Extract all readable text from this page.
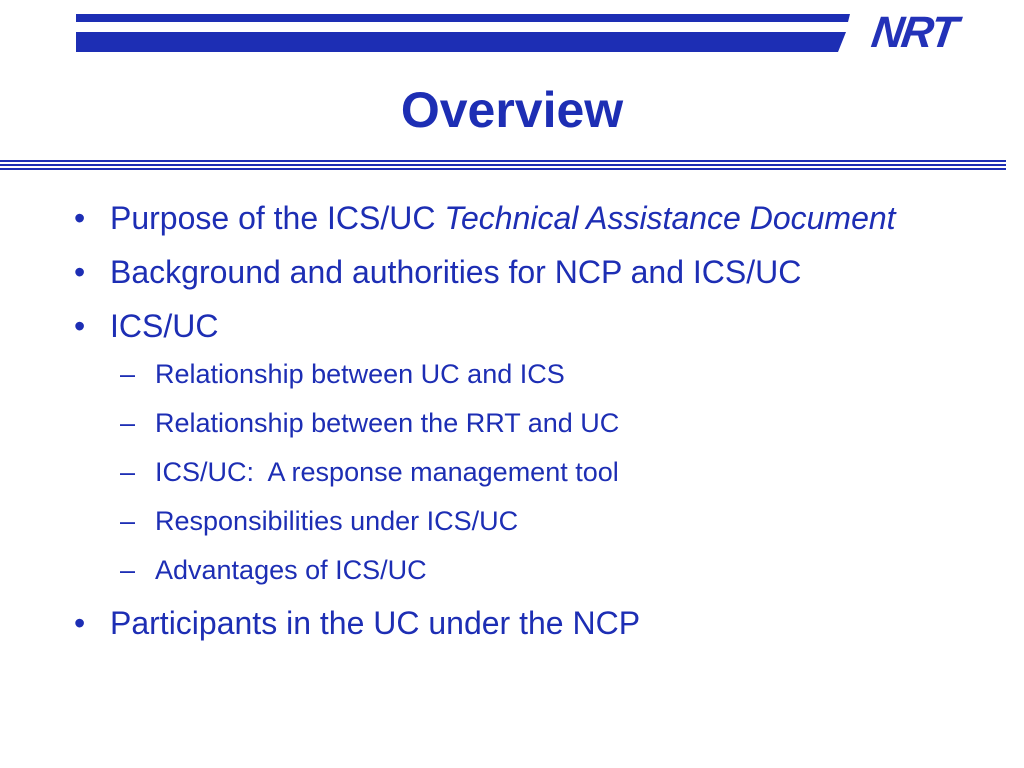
NRT
Overview
• Purpose of the ICS/UC Technical Assistance Document
• Background and authorities for NCP and ICS/UC
• ICS/UC
– Relationship between UC and ICS
– Relationship between the RRT and UC
– ICS/UC:  A response management tool
– Responsibilities under ICS/UC
– Advantages of ICS/UC
• Participants in the UC under the NCP
